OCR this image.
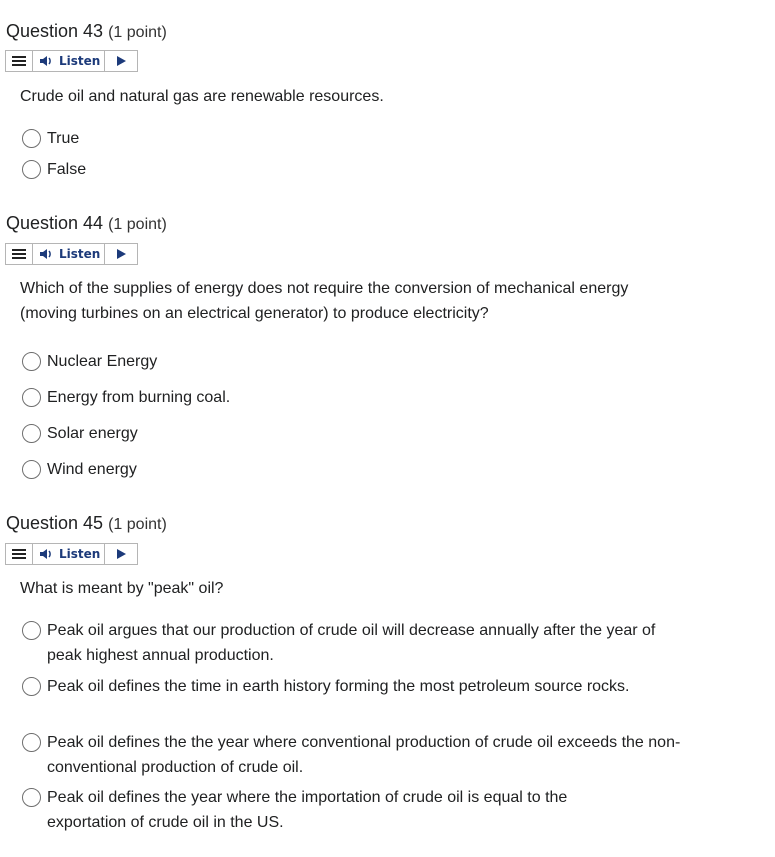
Question 43 (1 point)
Listen
Crude oil and natural gas are renewable resources.
True
False
Question 44 (1 point)
Listen
Which of the supplies of energy does not require the conversion of mechanical energy (moving turbines on an electrical generator) to produce electricity?
Nuclear Energy
Energy from burning coal.
Solar energy
Wind energy
Question 45 (1 point)
Listen
What is meant by "peak" oil?
Peak oil argues that our production of crude oil will decrease annually after the year of peak highest annual production.
Peak oil defines the time in earth history forming the most petroleum source rocks.
Peak oil defines the the year where conventional production of crude oil exceeds the non-conventional production of crude oil.
Peak oil defines the year where the importation of crude oil is equal to the exportation of crude oil in the US.
